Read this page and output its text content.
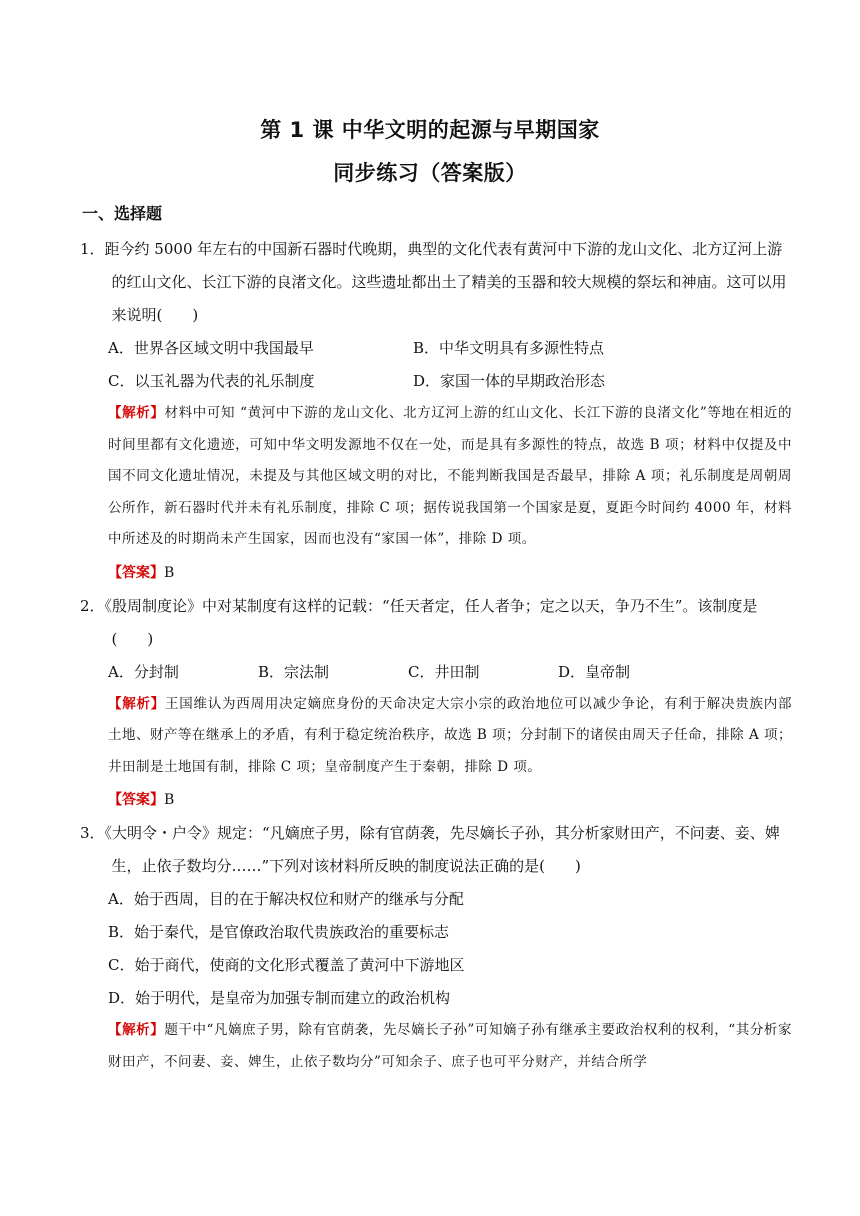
第 1 课 中华文明的起源与早期国家
同步练习（答案版）
一、选择题
1．距今约 5000 年左右的中国新石器时代晚期，典型的文化代表有黄河中下游的龙山文化、北方辽河上游的红山文化、长江下游的良渚文化。这些遗址都出土了精美的玉器和较大规模的祭坛和神庙。这可以用来说明(　　)
A．世界各区域文明中我国最早	B．中华文明具有多源性特点
C．以玉礼器为代表的礼乐制度	D．家国一体的早期政治形态
【解析】材料中可知 “黄河中下游的龙山文化、北方辽河上游的红山文化、长江下游的良渚文化”等地在相近的时间里都有文化遗迹，可知中华文明发源地不仅在一处，而是具有多源性的特点，故选 B 项；材料中仅提及中国不同文化遗址情况，未提及与其他区域文明的对比，不能判断我国是否最早，排除 A 项；礼乐制度是周朝周公所作，新石器时代并未有礼乐制度，排除 C 项；据传说我国第一个国家是夏，夏距今时间约 4000 年，材料中所述及的时期尚未产生国家，因而也没有“家国一体”，排除 D 项。
【答案】B
2．《殷周制度论》中对某制度有这样的记载：“任天者定，任人者争；定之以天，争乃不生”。该制度是(　　)
A．分封制	B．宗法制	C．井田制	D．皇帝制
【解析】王国维认为西周用决定嫡庶身份的天命决定大宗小宗的政治地位可以减少争论，有利于解决贵族内部土地、财产等在继承上的矛盾，有利于稳定统治秩序，故选 B 项；分封制下的诸侯由周天子任命，排除 A 项；井田制是土地国有制，排除 C 项；皇帝制度产生于秦朝，排除 D 项。
【答案】B
3．《大明令・户令》规定：“凡嫡庶子男，除有官荫袭，先尽嫡长子孙，其分析家财田产，不问妻、妾、婢生，止依子数均分……”下列对该材料所反映的制度说法正确的是(　　)
A．始于西周，目的在于解决权位和财产的继承与分配
B．始于秦代，是官僚政治取代贵族政治的重要标志
C．始于商代，使商的文化形式覆盖了黄河中下游地区
D．始于明代，是皇帝为加强专制而建立的政治机构
【解析】题干中“凡嫡庶子男，除有官荫袭，先尽嫡长子孙”可知嫡子孙有继承主要政治权利的权利，“其分析家财田产，不问妻、妾、婢生，止依子数均分”可知余子、庶子也可平分财产，并结合所学
